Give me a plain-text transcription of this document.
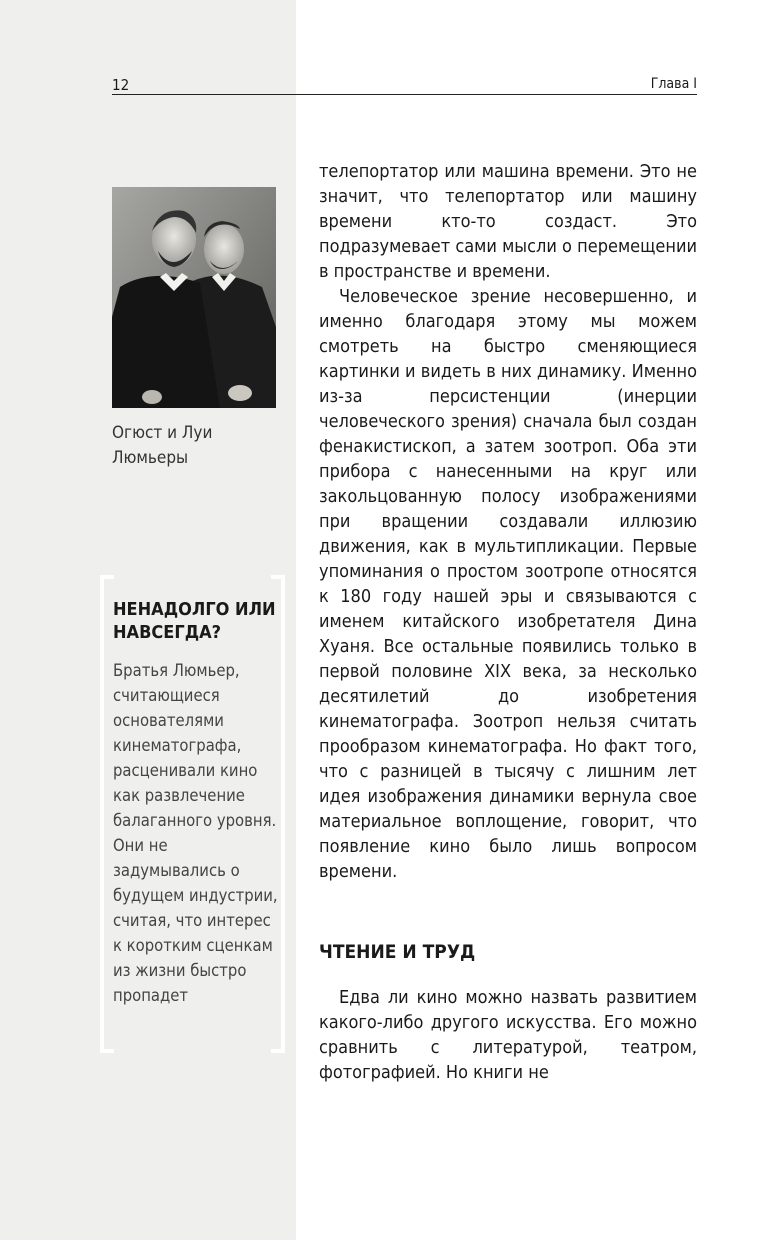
12	Глава I
Огюст и Луи Люмьеры
НЕНАДОЛГО ИЛИ НАВСЕГДА?
Братья Люмьер, считающиеся основателями кинематографа, расценивали кино как развлечение балаганного уровня. Они не задумывались о будущем индустрии, считая, что интерес к коротким сценкам из жизни быстро пропадет

телепортатор или машина времени. Это не значит, что телепортатор или машину времени кто-то создаст. Это подразумевает сами мысли о перемещении в пространстве и времени.

Человеческое зрение несовершенно, и именно благодаря этому мы можем смотреть на быстро сменяющиеся картинки и видеть в них динамику. Именно из-за персистенции (инерции человеческого зрения) сначала был создан фенакистископ, а затем зоотроп. Оба эти прибора с нанесенными на круг или закольцованную полосу изображениями при вращении создавали иллюзию движения, как в мультипликации. Первые упоминания о простом зоотропе относятся к 180 году нашей эры и связываются с именем китайского изобретателя Дина Хуаня. Все остальные появились только в первой половине XIX века, за несколько десятилетий до изобретения кинематографа. Зоотроп нельзя считать прообразом кинематографа. Но факт того, что с разницей в тысячу с лишним лет идея изображения динамики вернула свое материальное воплощение, говорит, что появление кино было лишь вопросом времени.

ЧТЕНИЕ И ТРУД
Едва ли кино можно назвать развитием какого-либо другого искусства. Его можно сравнить с литературой, театром, фотографией. Но книги не
